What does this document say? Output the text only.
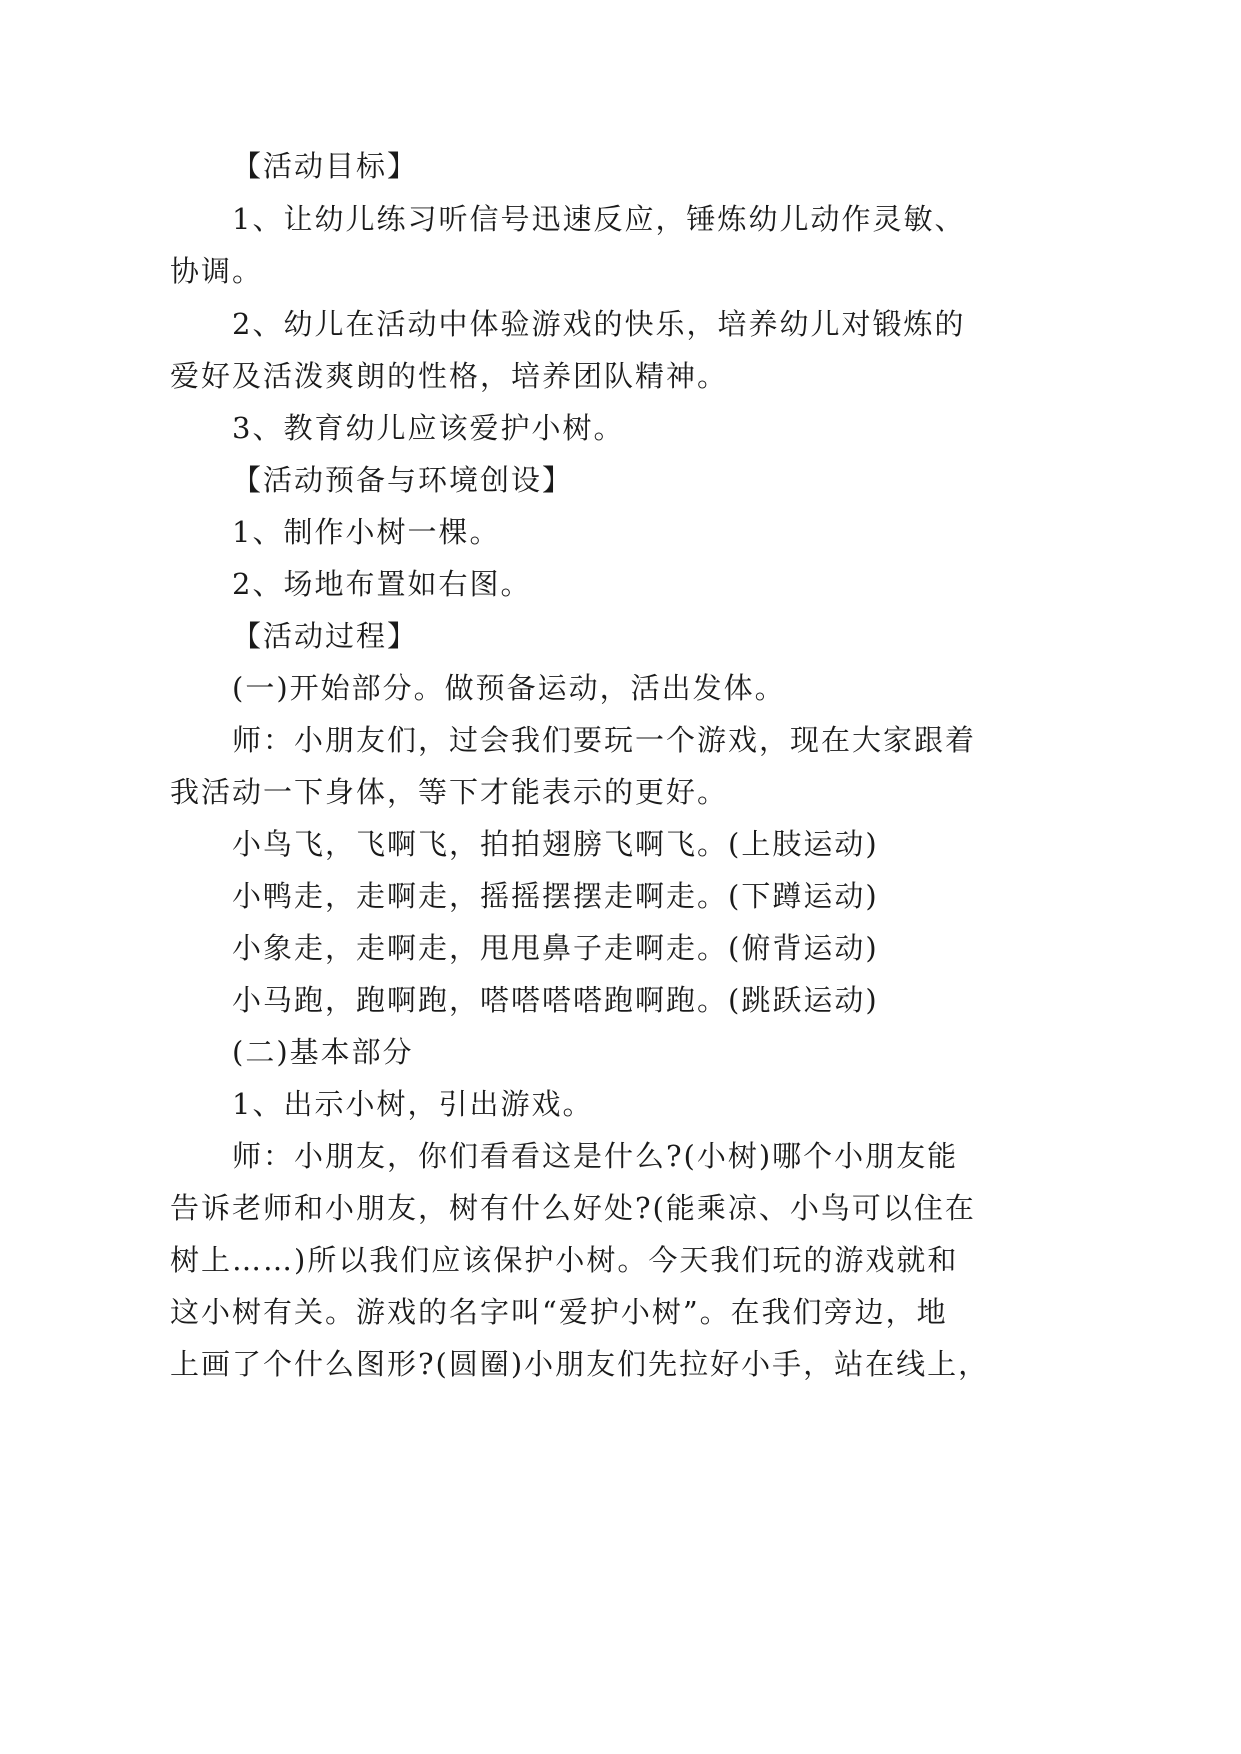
【活动目标】
1、让幼儿练习听信号迅速反应，锤炼幼儿动作灵敏、
协调。
2、幼儿在活动中体验游戏的快乐，培养幼儿对锻炼的
爱好及活泼爽朗的性格，培养团队精神。
3、教育幼儿应该爱护小树。
【活动预备与环境创设】
1、制作小树一棵。
2、场地布置如右图。
【活动过程】
(一)开始部分。做预备运动，活出发体。
师：小朋友们，过会我们要玩一个游戏，现在大家跟着
我活动一下身体，等下才能表示的更好。
小鸟飞，飞啊飞，拍拍翅膀飞啊飞。(上肢运动)
小鸭走，走啊走，摇摇摆摆走啊走。(下蹲运动)
小象走，走啊走，甩甩鼻子走啊走。(俯背运动)
小马跑，跑啊跑，嗒嗒嗒嗒跑啊跑。(跳跃运动)
(二)基本部分
1、出示小树，引出游戏。
师：小朋友，你们看看这是什么?(小树)哪个小朋友能
告诉老师和小朋友，树有什么好处?(能乘凉、小鸟可以住在
树上……)所以我们应该保护小树。今天我们玩的游戏就和
这小树有关。游戏的名字叫“爱护小树”。在我们旁边，地
上画了个什么图形?(圆圈)小朋友们先拉好小手，站在线上，
